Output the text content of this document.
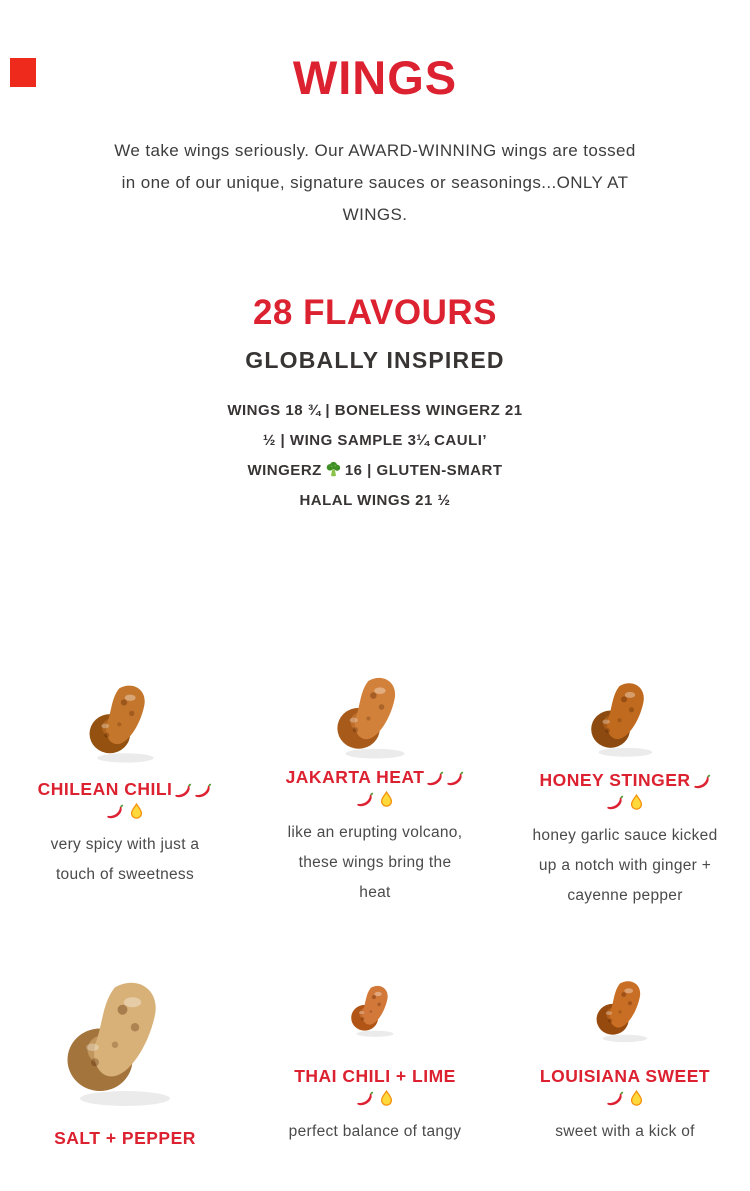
WINGS
We take wings seriously. Our AWARD-WINNING wings are tossed
in one of our unique, signature sauces or seasonings...ONLY AT
WINGS.
28 FLAVOURS
GLOBALLY INSPIRED
WINGS 18 ¾ | BONELESS WINGERZ 21
½ | WING SAMPLE 3¼ CAULI’
WINGERZ 16 | GLUTEN-SMART
HALAL WINGS 21 ½
CHILEAN CHILI
very spicy with just a
touch of sweetness
JAKARTA HEAT
like an erupting volcano,
these wings bring the
heat
HONEY STINGER
honey garlic sauce kicked
up a notch with ginger +
cayenne pepper
SALT + PEPPER
THAI CHILI + LIME
perfect balance of tangy
LOUISIANA SWEET
sweet with a kick of
